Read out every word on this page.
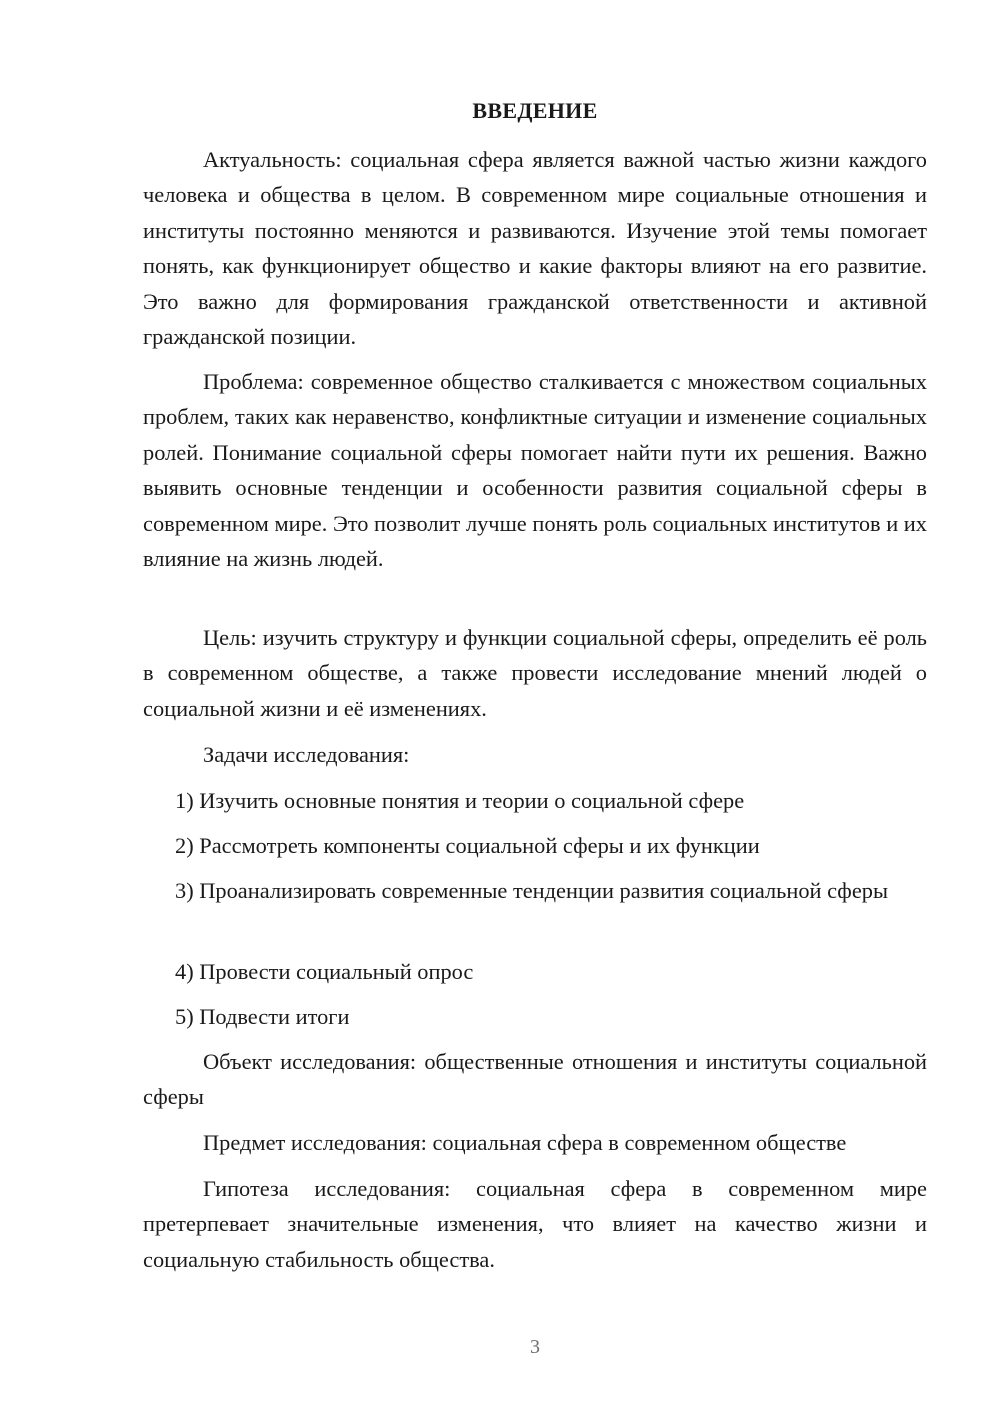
ВВЕДЕНИЕ

Актуальность: социальная сфера является важной частью жизни каждого человека и общества в целом. В современном мире социальные отношения и институты постоянно меняются и развиваются. Изучение этой темы помогает понять, как функционирует общество и какие факторы влияют на его развитие. Это важно для формирования гражданской ответственности и активной гражданской позиции.

Проблема: современное общество сталкивается с множеством социальных проблем, таких как неравенство, конфликтные ситуации и изменение социальных ролей. Понимание социальной сферы помогает найти пути их решения. Важно выявить основные тенденции и особенности развития социальной сферы в современном мире. Это позволит лучше понять роль социальных институтов и их влияние на жизнь людей.

Цель: изучить структуру и функции социальной сферы, определить её роль в современном обществе, а также провести исследование мнений людей о социальной жизни и её изменениях.

Задачи исследования:

1) Изучить основные понятия и теории о социальной сфере

2) Рассмотреть компоненты социальной сферы и их функции

3) Проанализировать современные тенденции развития социальной сферы

4) Провести социальный опрос

5) Подвести итоги

Объект исследования: общественные отношения и институты социальной сферы

Предмет исследования: социальная сфера в современном обществе

Гипотеза исследования: социальная сфера в современном мире претерпевает значительные изменения, что влияет на качество жизни и социальную стабильность общества.

3
